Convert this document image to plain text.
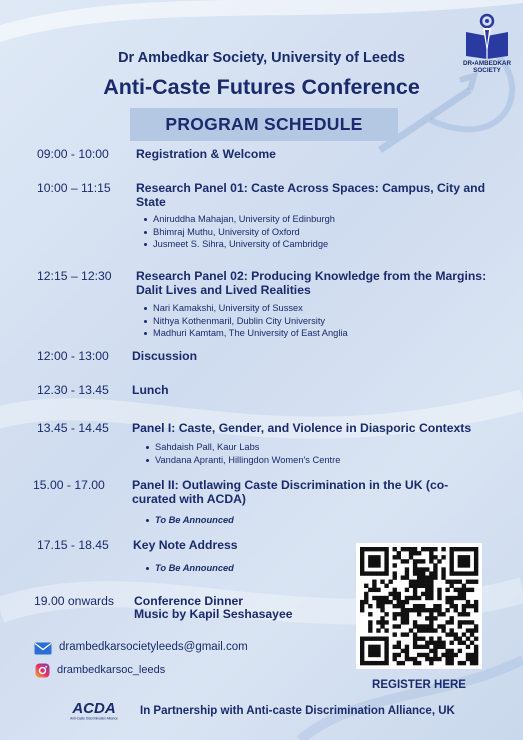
DR•AMBEDKAR SOCIETY
Dr Ambedkar Society, University of Leeds
Anti-Caste Futures Conference
PROGRAM SCHEDULE
09:00 - 10:00 Registration & Welcome
10:00 – 11:15 Research Panel 01: Caste Across Spaces: Campus, City and State
Aniruddha Mahajan, University of Edinburgh
Bhimraj Muthu, University of Oxford
Jusmeet S. Sihra, University of Cambridge
12:15 – 12:30 Research Panel 02: Producing Knowledge from the Margins: Dalit Lives and Lived Realities
Nari Kamakshi, University of Sussex
Nithya Kothenmaril, Dublin City University
Madhuri Kamtam, The University of East Anglia
12:00 - 13:00 Discussion
12.30 - 13.45 Lunch
13.45 - 14.45 Panel I: Caste, Gender, and Violence in Diasporic Contexts
Sahdaish Pall, Kaur Labs
Vandana Apranti, Hillingdon Women's Centre
15.00 - 17.00 Panel II: Outlawing Caste Discrimination in the UK (co-curated with ACDA)
To Be Announced
17.15 - 18.45 Key Note Address
To Be Announced
19.00 onwards Conference Dinner
Music by Kapil Seshasayee
drambedkarsocietyleeds@gmail.com
drambedkarsoc_leeds
REGISTER HERE
ACDA
Anti-Caste Discrimination Alliance
In Partnership with Anti-caste Discrimination Alliance, UK
